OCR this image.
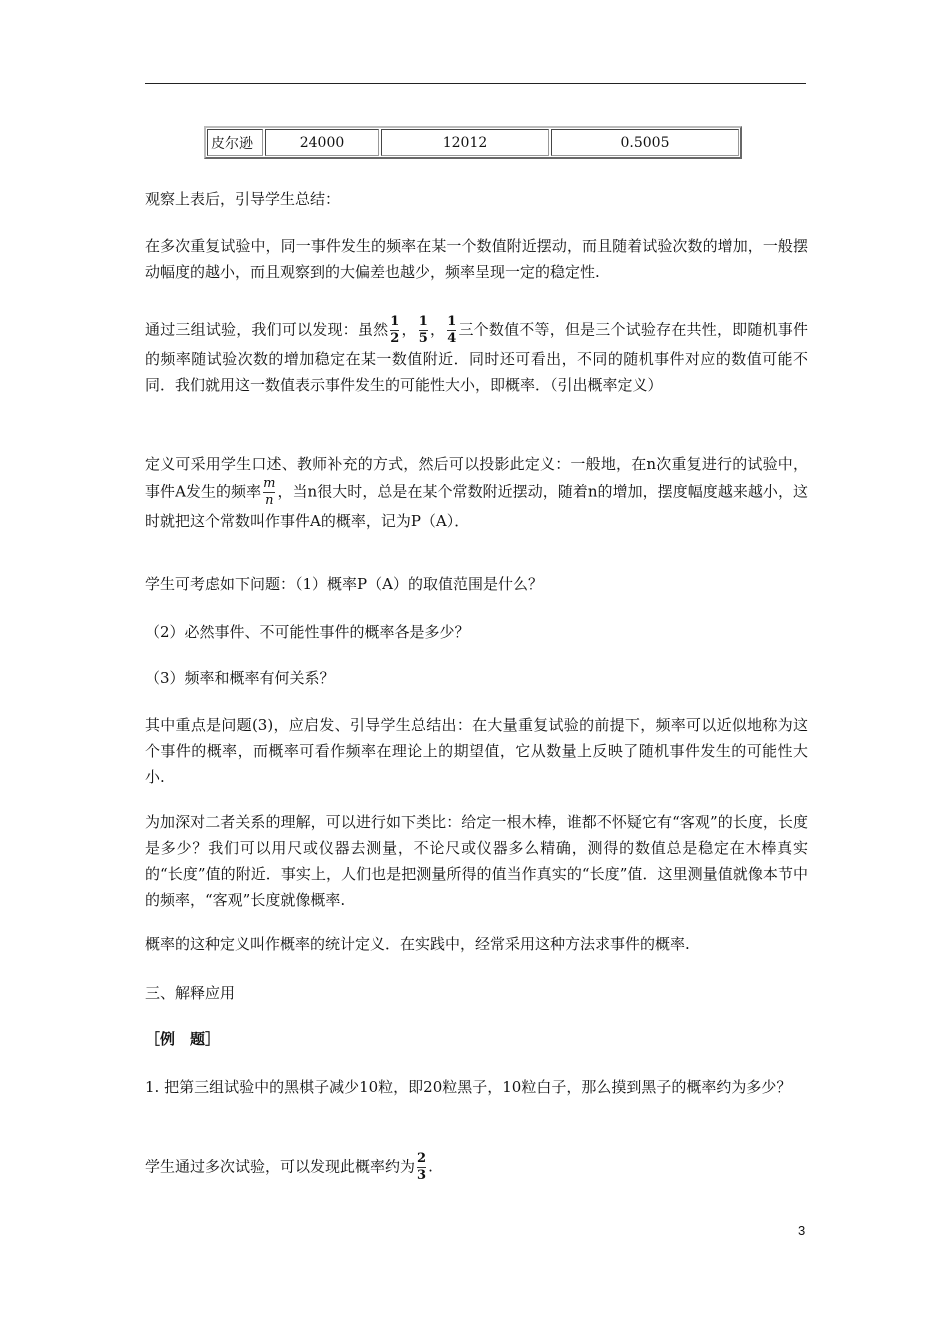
皮尔逊	24000	12012	0.5005

观察上表后，引导学生总结：

在多次重复试验中，同一事件发生的频率在某一个数值附近摆动，而且随着试验次数的增加，一般摆动幅度的越小，而且观察到的大偏差也越少，频率呈现一定的稳定性.

通过三组试验，我们可以发现：虽然 $\frac{1}{2}$ ， $\frac{1}{5}$ ， $\frac{1}{4}$ 三个数值不等，但是三个试验存在共性，即随机事件的频率随试验次数的增加稳定在某一数值附近．同时还可看出，不同的随机事件对应的数值可能不同．我们就用这一数值表示事件发生的可能性大小，即概率．（引出概率定义）

定义可采用学生口述、教师补充的方式，然后可以投影此定义：一般地，在n次重复进行的试验中，事件A发生的频率 $\frac{m}{n}$ ，当n很大时，总是在某个常数附近摆动，随着n的增加，摆度幅度越来越小，这时就把这个常数叫作事件A的概率，记为P（A）．

学生可考虑如下问题：（1）概率P（A）的取值范围是什么？

（2）必然事件、不可能性事件的概率各是多少？

（3）频率和概率有何关系？

其中重点是问题(3)，应启发、引导学生总结出：在大量重复试验的前提下，频率可以近似地称为这个事件的概率，而概率可看作频率在理论上的期望值，它从数量上反映了随机事件发生的可能性大小.

为加深对二者关系的理解，可以进行如下类比：给定一根木棒，谁都不怀疑它有“客观”的长度，长度是多少？我们可以用尺或仪器去测量，不论尺或仪器多么精确，测得的数值总是稳定在木棒真实的“长度”值的附近．事实上，人们也是把测量所得的值当作真实的“长度”值．这里测量值就像本节中的频率，“客观”长度就像概率.

概率的这种定义叫作概率的统计定义．在实践中，经常采用这种方法求事件的概率.

三、解释应用

［例　题］

1. 把第三组试验中的黑棋子减少10粒，即20粒黑子，10粒白子，那么摸到黑子的概率约为多少？

学生通过多次试验，可以发现此概率约为 $\frac{2}{3}$ .

3
